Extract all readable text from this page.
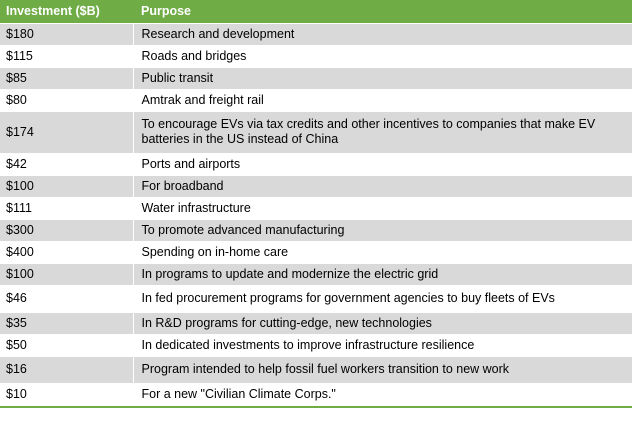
Investment ($B)	Purpose
$180	Research and development
$115	Roads and bridges
$85	Public transit
$80	Amtrak and freight rail
$174	To encourage EVs via tax credits and other incentives to companies that make EV batteries in the US instead of China
$42	Ports and airports
$100	For broadband
$111	Water infrastructure
$300	To promote advanced manufacturing
$400	Spending on in-home care
$100	In programs to update and modernize the electric grid
$46	In fed procurement programs for government agencies to buy fleets of EVs
$35	In R&D programs for cutting-edge, new technologies
$50	In dedicated investments to improve infrastructure resilience
$16	Program intended to help fossil fuel workers transition to new work
$10	For a new "Civilian Climate Corps."
